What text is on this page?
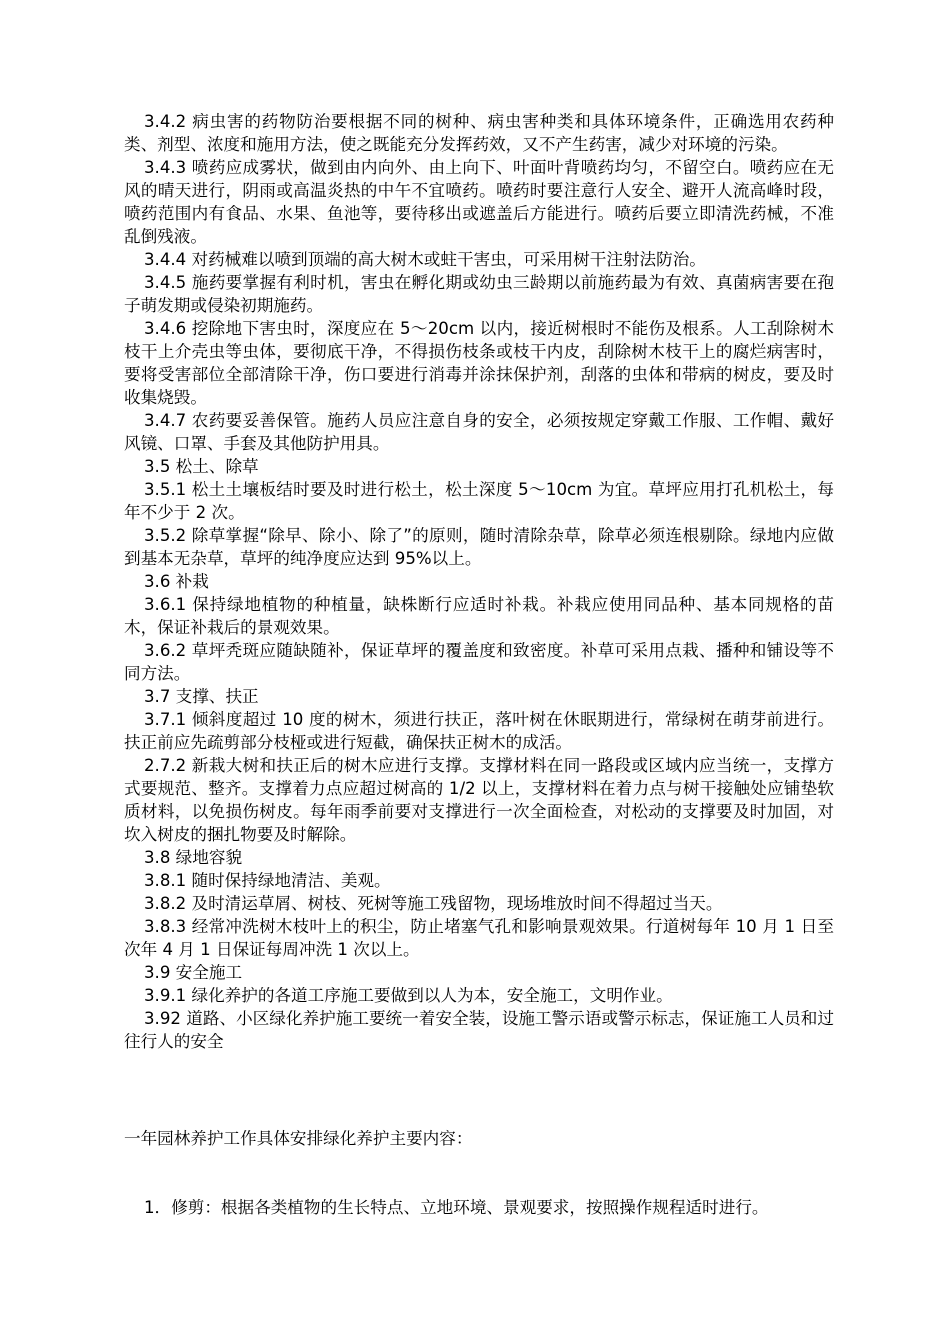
3.4.2 病虫害的药物防治要根据不同的树种、病虫害种类和具体环境条件，正确选用农药种类、剂型、浓度和施用方法，使之既能充分发挥药效，又不产生药害，减少对环境的污染。

3.4.3 喷药应成雾状，做到由内向外、由上向下、叶面叶背喷药均匀，不留空白。喷药应在无风的晴天进行，阴雨或高温炎热的中午不宜喷药。喷药时要注意行人安全、避开人流高峰时段，喷药范围内有食品、水果、鱼池等，要待移出或遮盖后方能进行。喷药后要立即清洗药械，不准乱倒残液。

3.4.4 对药械难以喷到顶端的高大树木或蛀干害虫，可采用树干注射法防治。

3.4.5 施药要掌握有利时机，害虫在孵化期或幼虫三龄期以前施药最为有效、真菌病害要在孢子萌发期或侵染初期施药。

3.4.6 挖除地下害虫时，深度应在 5～20cm 以内，接近树根时不能伤及根系。人工刮除树木枝干上介壳虫等虫体，要彻底干净，不得损伤枝条或枝干内皮，刮除树木枝干上的腐烂病害时，要将受害部位全部清除干净，伤口要进行消毒并涂抹保护剂，刮落的虫体和带病的树皮，要及时收集烧毁。

3.4.7 农药要妥善保管。施药人员应注意自身的安全，必须按规定穿戴工作服、工作帽、戴好风镜、口罩、手套及其他防护用具。

3.5 松土、除草

3.5.1 松土土壤板结时要及时进行松土，松土深度 5～10cm 为宜。草坪应用打孔机松土，每年不少于 2 次。

3.5.2 除草掌握“除早、除小、除了”的原则，随时清除杂草，除草必须连根剔除。绿地内应做到基本无杂草，草坪的纯净度应达到 95%以上。

3.6 补栽

3.6.1 保持绿地植物的种植量，缺株断行应适时补栽。补栽应使用同品种、基本同规格的苗木，保证补栽后的景观效果。

3.6.2 草坪秃斑应随缺随补，保证草坪的覆盖度和致密度。补草可采用点栽、播种和铺设等不同方法。

3.7 支撑、扶正

3.7.1 倾斜度超过 10 度的树木，须进行扶正，落叶树在休眠期进行，常绿树在萌芽前进行。扶正前应先疏剪部分枝桠或进行短截，确保扶正树木的成活。

2.7.2 新栽大树和扶正后的树木应进行支撑。支撑材料在同一路段或区域内应当统一，支撑方式要规范、整齐。支撑着力点应超过树高的 1/2 以上，支撑材料在着力点与树干接触处应铺垫软质材料，以免损伤树皮。每年雨季前要对支撑进行一次全面检查，对松动的支撑要及时加固，对坎入树皮的捆扎物要及时解除。

3.8 绿地容貌

3.8.1 随时保持绿地清洁、美观。

3.8.2 及时清运草屑、树枝、死树等施工残留物，现场堆放时间不得超过当天。

3.8.3 经常冲洗树木枝叶上的积尘，防止堵塞气孔和影响景观效果。行道树每年 10 月 1 日至次年 4 月 1 日保证每周冲洗 1 次以上。

3.9 安全施工

3.9.1 绿化养护的各道工序施工要做到以人为本，安全施工，文明作业。

3.92 道路、小区绿化养护施工要统一着安全装，设施工警示语或警示标志，保证施工人员和过往行人的安全

一年园林养护工作具体安排绿化养护主要内容：
1．修剪：根据各类植物的生长特点、立地环境、景观要求，按照操作规程适时进行。
